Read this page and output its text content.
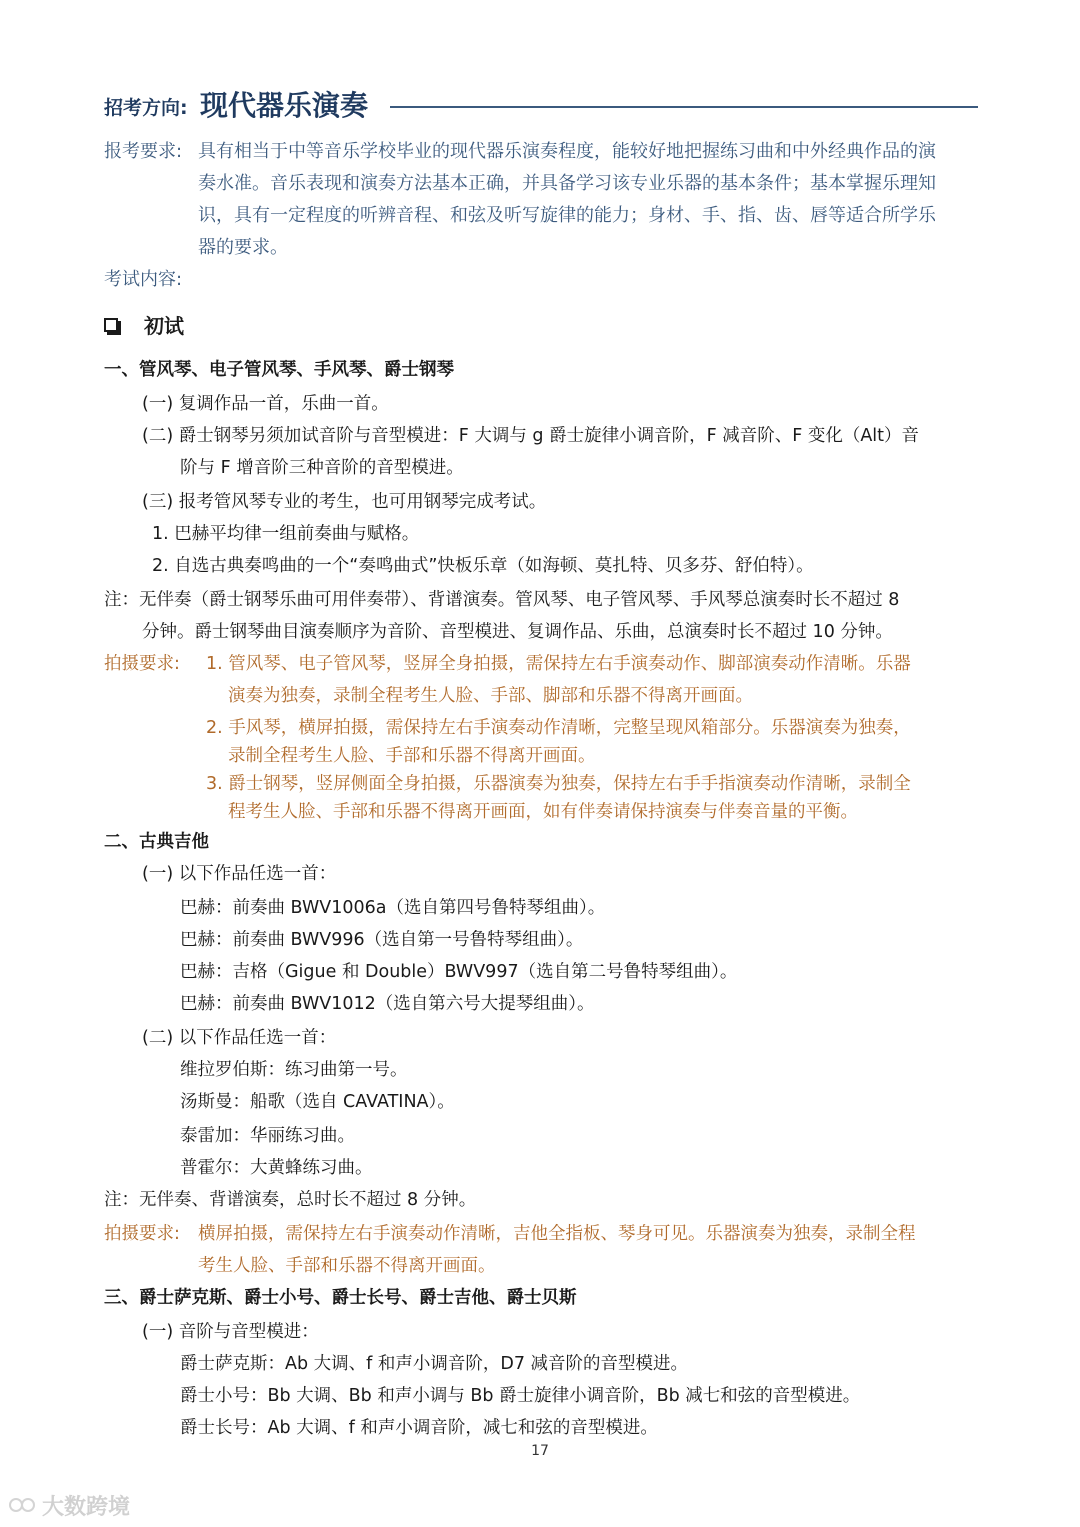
招考方向: 现代器乐演奏
报考要求: 具有相当于中等音乐学校毕业的现代器乐演奏程度，能较好地把握练习曲和中外经典作品的演
奏水准。音乐表现和演奏方法基本正确，并具备学习该专业乐器的基本条件；基本掌握乐理知
识，具有一定程度的听辨音程、和弦及听写旋律的能力；身材、手、指、齿、唇等适合所学乐
器的要求。
考试内容:
初试
一、管风琴、电子管风琴、手风琴、爵士钢琴
(一) 复调作品一首，乐曲一首。
(二) 爵士钢琴另须加试音阶与音型模进：F 大调与 g 爵士旋律小调音阶，F 减音阶、F 变化（Alt）音
阶与 F 增音阶三种音阶的音型模进。
(三) 报考管风琴专业的考生，也可用钢琴完成考试。
1. 巴赫平均律一组前奏曲与赋格。
2. 自选古典奏鸣曲的一个“奏鸣曲式”快板乐章（如海顿、莫扎特、贝多芬、舒伯特）。
注：无伴奏（爵士钢琴乐曲可用伴奏带）、背谱演奏。管风琴、电子管风琴、手风琴总演奏时长不超过 8
分钟。爵士钢琴曲目演奏顺序为音阶、音型模进、复调作品、乐曲，总演奏时长不超过 10 分钟。
拍摄要求: 1. 管风琴、电子管风琴，竖屏全身拍摄，需保持左右手演奏动作、脚部演奏动作清晰。乐器
演奏为独奏，录制全程考生人脸、手部、脚部和乐器不得离开画面。
2. 手风琴，横屏拍摄，需保持左右手演奏动作清晰，完整呈现风箱部分。乐器演奏为独奏，
录制全程考生人脸、手部和乐器不得离开画面。
3. 爵士钢琴，竖屏侧面全身拍摄，乐器演奏为独奏，保持左右手手指演奏动作清晰，录制全
程考生人脸、手部和乐器不得离开画面，如有伴奏请保持演奏与伴奏音量的平衡。
二、古典吉他
(一) 以下作品任选一首：
巴赫：前奏曲 BWV1006a（选自第四号鲁特琴组曲）。
巴赫：前奏曲 BWV996（选自第一号鲁特琴组曲）。
巴赫：吉格（Gigue 和 Double）BWV997（选自第二号鲁特琴组曲）。
巴赫：前奏曲 BWV1012（选自第六号大提琴组曲）。
(二) 以下作品任选一首：
维拉罗伯斯：练习曲第一号。
汤斯曼：船歌（选自 CAVATINA）。
泰雷加：华丽练习曲。
普霍尔：大黄蜂练习曲。
注：无伴奏、背谱演奏，总时长不超过 8 分钟。
拍摄要求: 横屏拍摄，需保持左右手演奏动作清晰，吉他全指板、琴身可见。乐器演奏为独奏，录制全程
考生人脸、手部和乐器不得离开画面。
三、爵士萨克斯、爵士小号、爵士长号、爵士吉他、爵士贝斯
(一) 音阶与音型模进：
爵士萨克斯：Ab 大调、f 和声小调音阶，D7 减音阶的音型模进。
爵士小号：Bb 大调、Bb 和声小调与 Bb 爵士旋律小调音阶，Bb 减七和弦的音型模进。
爵士长号：Ab 大调、f 和声小调音阶，减七和弦的音型模进。
17
大数跨境
